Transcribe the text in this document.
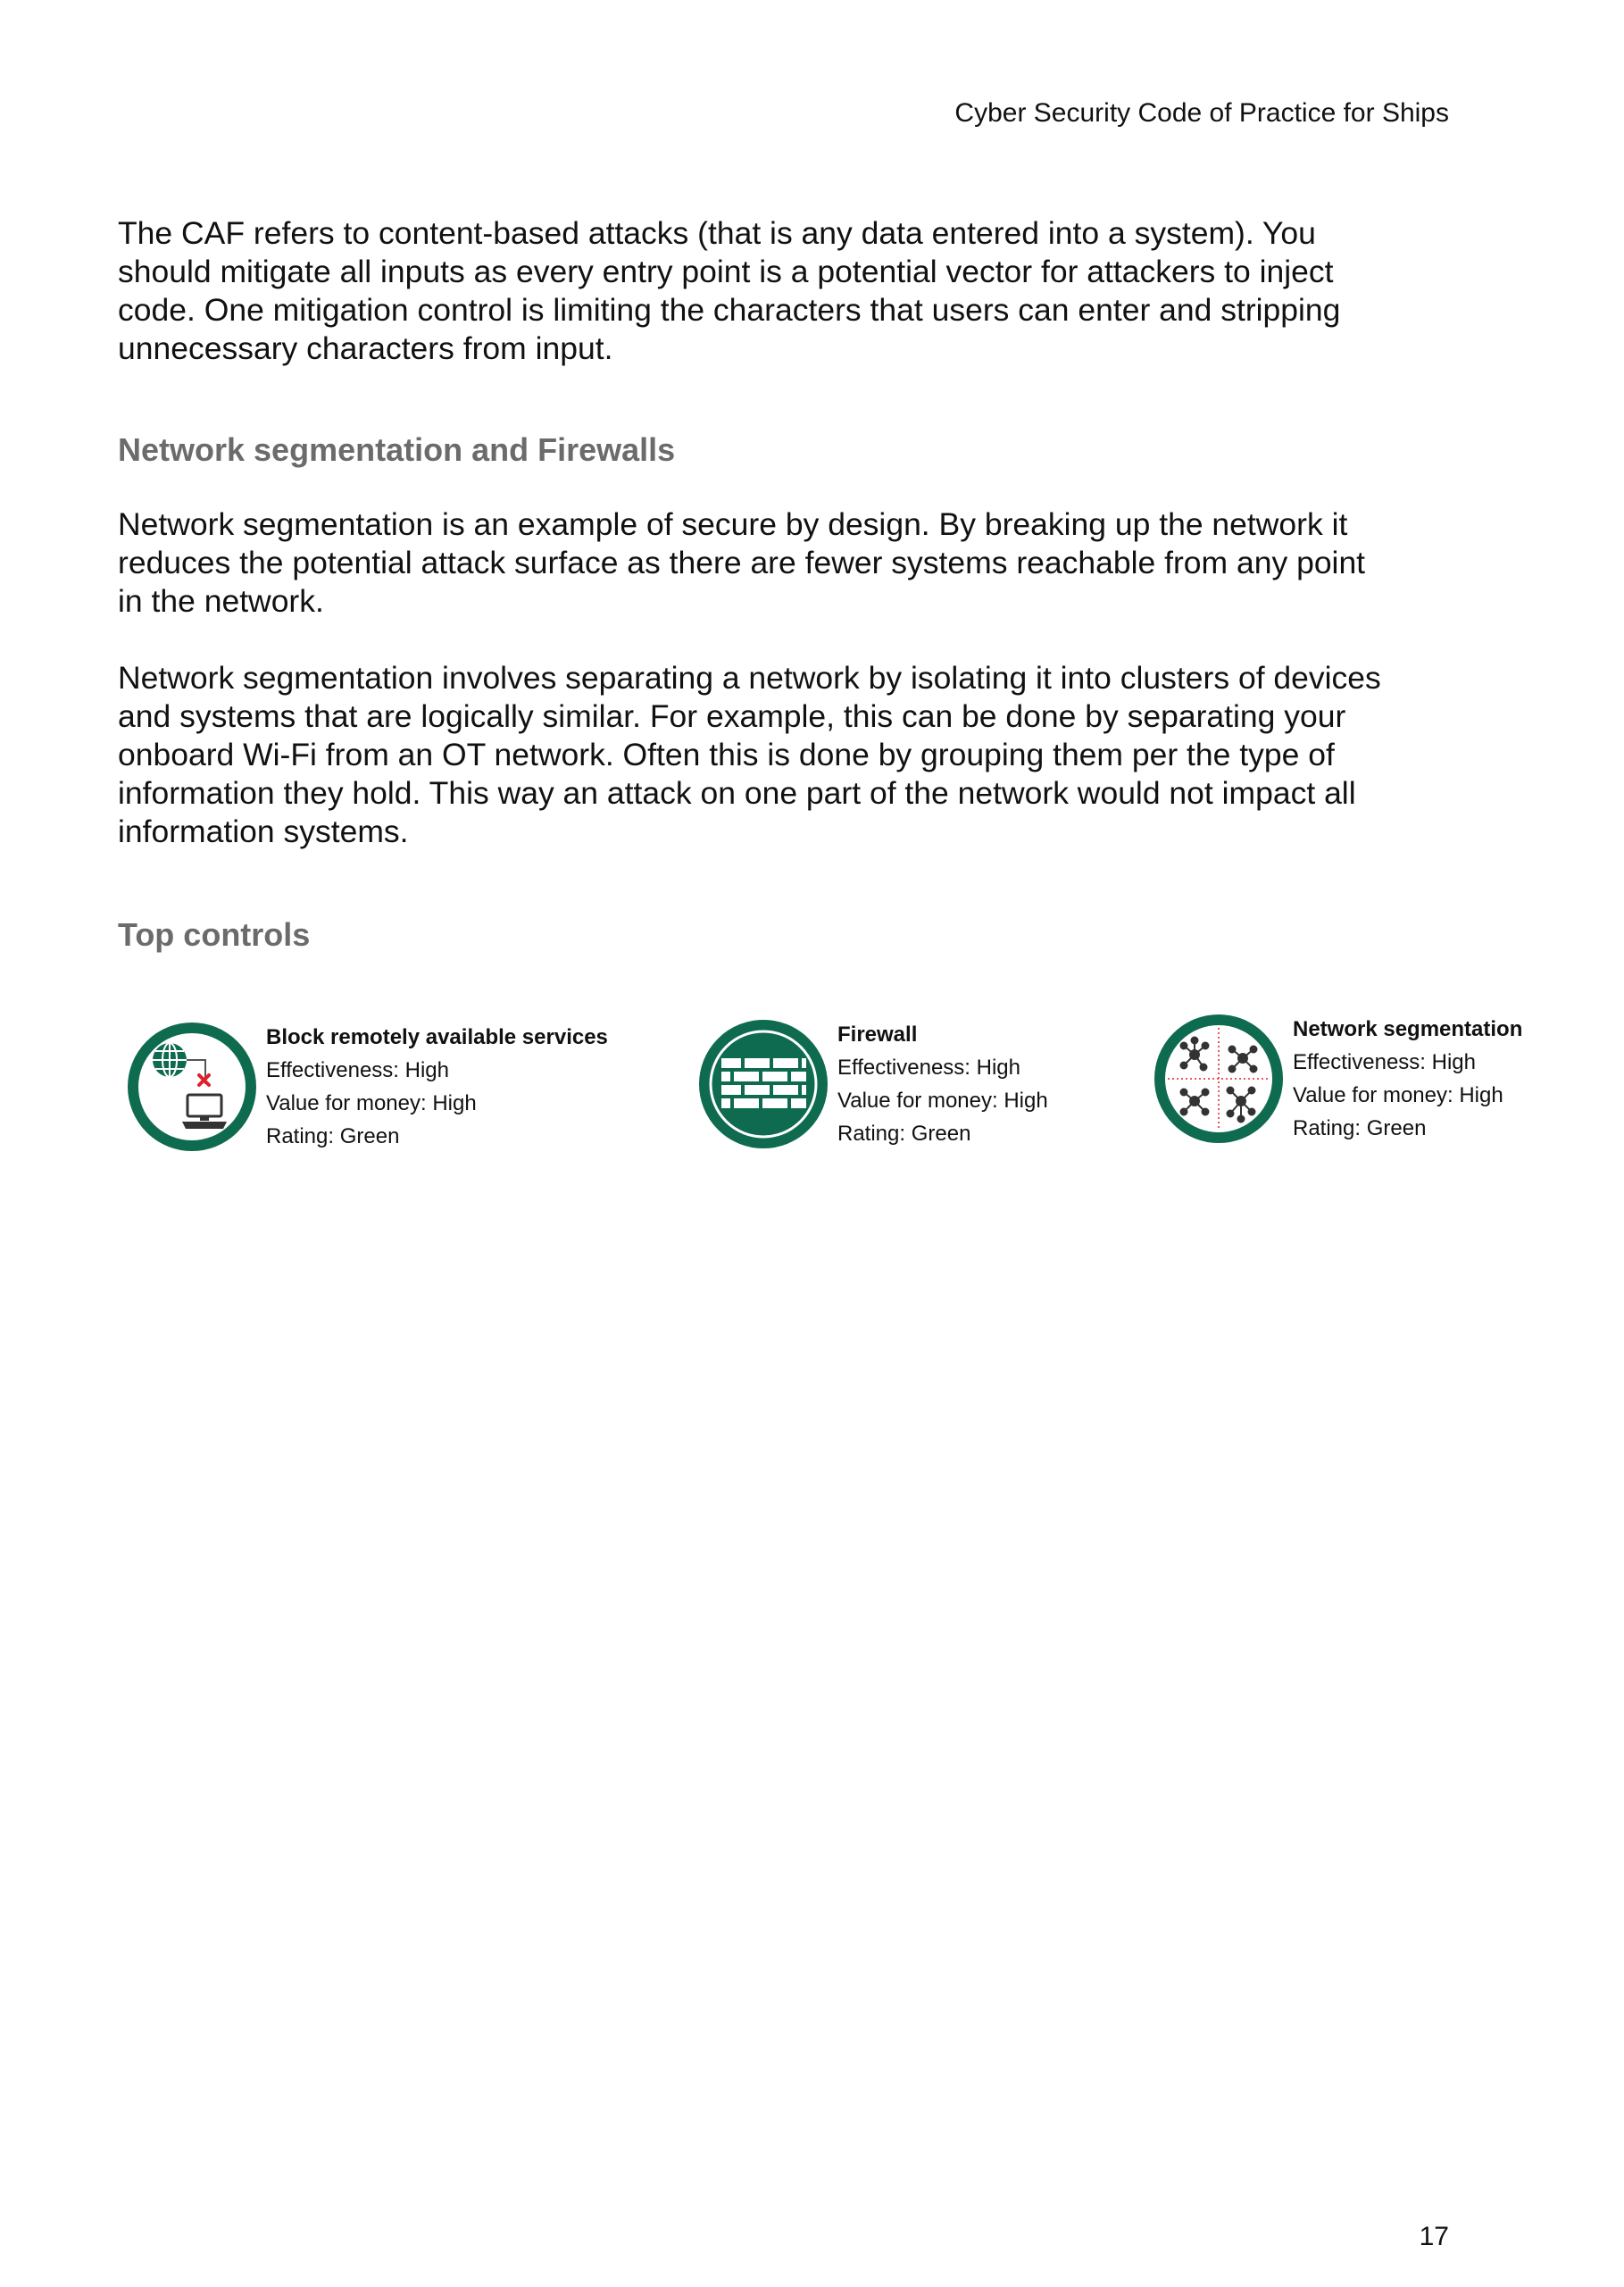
Cyber Security Code of Practice for Ships

The CAF refers to content-based attacks (that is any data entered into a system). You
should mitigate all inputs as every entry point is a potential vector for attackers to inject
code. One mitigation control is limiting the characters that users can enter and stripping
unnecessary characters from input.

Network segmentation and Firewalls

Network segmentation is an example of secure by design. By breaking up the network it
reduces the potential attack surface as there are fewer systems reachable from any point
in the network.

Network segmentation involves separating a network by isolating it into clusters of devices
and systems that are logically similar. For example, this can be done by separating your
onboard Wi-Fi from an OT network. Often this is done by grouping them per the type of
information they hold. This way an attack on one part of the network would not impact all
information systems.

Top controls
Block remotely available services
Effectiveness: High
Value for money: High
Rating: Green
Firewall
Effectiveness: High
Value for money: High
Rating: Green
Network segmentation
Effectiveness: High
Value for money: High
Rating: Green
17
